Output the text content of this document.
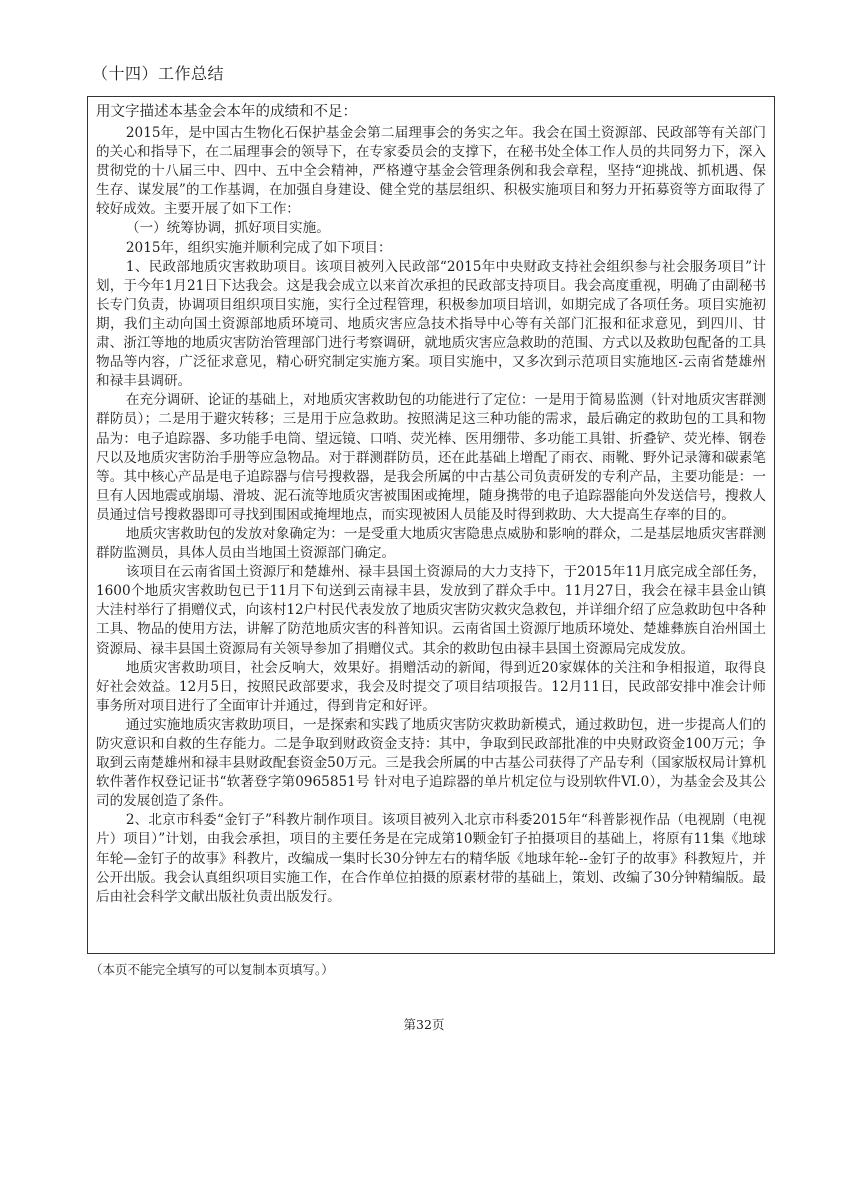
（十四）工作总结
用文字描述本基金会本年的成绩和不足：

2015年，是中国古生物化石保护基金会第二届理事会的务实之年。我会在国土资源部、民政部等有关部门的关心和指导下，在二届理事会的领导下，在专家委员会的支撑下，在秘书处全体工作人员的共同努力下，深入贯彻党的十八届三中、四中、五中全会精神，严格遵守基金会管理条例和我会章程，坚持“迎挑战、抓机遇、保生存、谋发展”的工作基调，在加强自身建设、健全党的基层组织、积极实施项目和努力开拓募资等方面取得了较好成效。主要开展了如下工作：

（一）统筹协调，抓好项目实施。

2015年，组织实施并顺利完成了如下项目：

1、民政部地质灾害救助项目。该项目被列入民政部“2015年中央财政支持社会组织参与社会服务项目”计划，于今年1月21日下达我会。这是我会成立以来首次承担的民政部支持项目。我会高度重视，明确了由副秘书长专门负责，协调项目组织项目实施，实行全过程管理，积极参加项目培训，如期完成了各项任务。项目实施初期，我们主动向国土资源部地质环境司、地质灾害应急技术指导中心等有关部门汇报和征求意见，到四川、甘肃、浙江等地的地质灾害防治管理部门进行考察调研，就地质灾害应急救助的范围、方式以及救助包配备的工具物品等内容，广泛征求意见，精心研究制定实施方案。项目实施中，又多次到示范项目实施地区-云南省楚雄州和禄丰县调研。

在充分调研、论证的基础上，对地质灾害救助包的功能进行了定位：一是用于简易监测（针对地质灾害群测群防员）；二是用于避灾转移；三是用于应急救助。按照满足这三种功能的需求，最后确定的救助包的工具和物品为：电子追踪器、多功能手电筒、望远镜、口哨、荧光棒、医用绷带、多功能工具钳、折叠铲、荧光棒、钢卷尺以及地质灾害防治手册等应急物品。对于群测群防员，还在此基础上增配了雨衣、雨靴、野外记录簿和碳素笔等。其中核心产品是电子追踪器与信号搜救器，是我会所属的中古基公司负责研发的专利产品，主要功能是：一旦有人因地震或崩塌、滑坡、泥石流等地质灾害被围困或掩埋，随身携带的电子追踪器能向外发送信号，搜救人员通过信号搜救器即可寻找到围困或掩埋地点，而实现被困人员能及时得到救助、大大提高生存率的目的。

地质灾害救助包的发放对象确定为：一是受重大地质灾害隐患点威胁和影响的群众，二是基层地质灾害群测群防监测员，具体人员由当地国土资源部门确定。

该项目在云南省国土资源厅和楚雄州、禄丰县国土资源局的大力支持下，于2015年11月底完成全部任务，1600个地质灾害救助包已于11月下旬送到云南禄丰县，发放到了群众手中。11月27日，我会在禄丰县金山镇大洼村举行了捐赠仪式，向该村12户村民代表发放了地质灾害防灾救灾急救包，并详细介绍了应急救助包中各种工具、物品的使用方法，讲解了防范地质灾害的科普知识。云南省国土资源厅地质环境处、楚雄彝族自治州国土资源局、禄丰县国土资源局有关领导参加了捐赠仪式。其余的救助包由禄丰县国土资源局完成发放。

地质灾害救助项目，社会反响大，效果好。捐赠活动的新闻，得到近20家媒体的关注和争相报道，取得良好社会效益。12月5日，按照民政部要求，我会及时提交了项目结项报告。12月11日，民政部安排中准会计师事务所对项目进行了全面审计并通过，得到肯定和好评。

通过实施地质灾害救助项目，一是探索和实践了地质灾害防灾救助新模式，通过救助包，进一步提高人们的防灾意识和自救的生存能力。二是争取到财政资金支持：其中，争取到民政部批准的中央财政资金100万元；争取到云南楚雄州和禄丰县财政配套资金50万元。三是我会所属的中古基公司获得了产品专利（国家版权局计算机软件著作权登记证书“软著登字第0965851号 针对电子追踪器的单片机定位与设别软件VI.0），为基金会及其公司的发展创造了条件。

2、北京市科委“金钉子”科教片制作项目。该项目被列入北京市科委2015年“科普影视作品（电视剧（电视片）项目）”计划，由我会承担，项目的主要任务是在完成第10颗金钉子拍摄项目的基础上，将原有11集《地球年轮—金钉子的故事》科教片，改编成一集时长30分钟左右的精华版《地球年轮--金钉子的故事》科教短片，并公开出版。我会认真组织项目实施工作，在合作单位拍摄的原素材带的基础上，策划、改编了30分钟精编版。最后由社会科学文献出版社负责出版发行。

（本页不能完全填写的可以复制本页填写。）
第32页
